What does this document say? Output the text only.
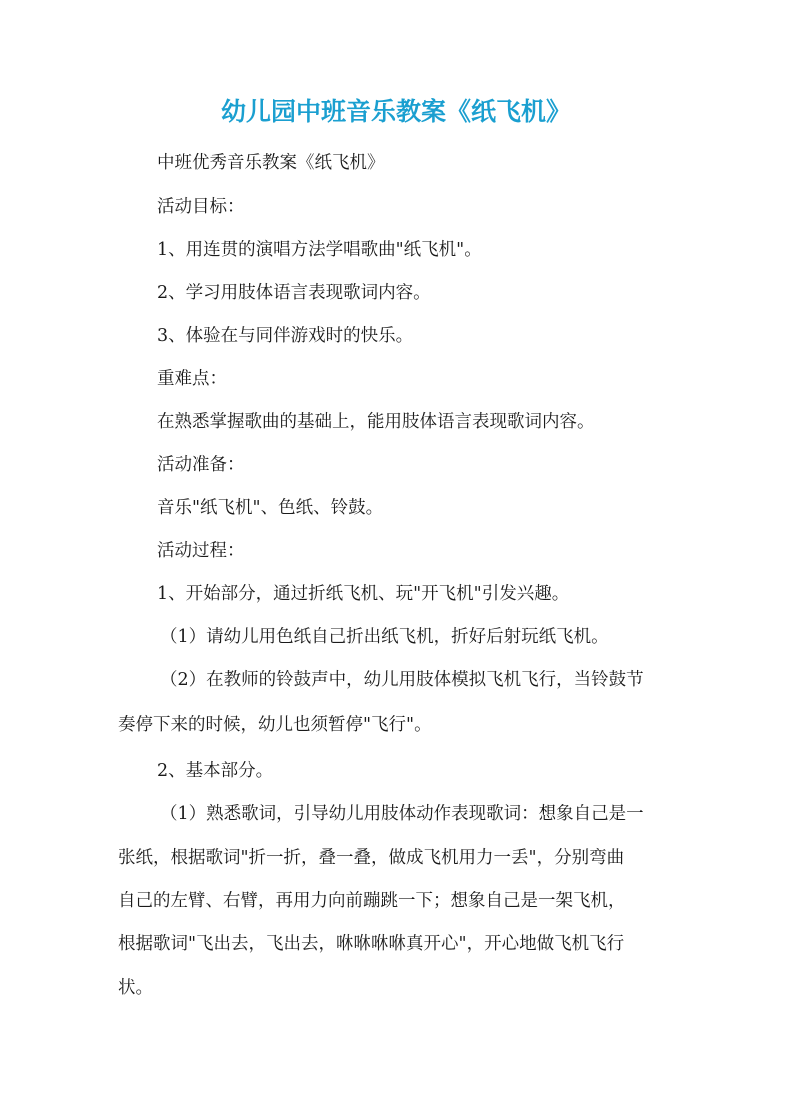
幼儿园中班音乐教案《纸飞机》
中班优秀音乐教案《纸飞机》
活动目标：
1、用连贯的演唱方法学唱歌曲"纸飞机"。
2、学习用肢体语言表现歌词内容。
3、体验在与同伴游戏时的快乐。
重难点：
在熟悉掌握歌曲的基础上，能用肢体语言表现歌词内容。
活动准备：
音乐"纸飞机"、色纸、铃鼓。
活动过程：
1、开始部分，通过折纸飞机、玩"开飞机"引发兴趣。
（1）请幼儿用色纸自己折出纸飞机，折好后射玩纸飞机。
（2）在教师的铃鼓声中，幼儿用肢体模拟飞机飞行，当铃鼓节
奏停下来的时候，幼儿也须暂停"飞行"。
2、基本部分。
（1）熟悉歌词，引导幼儿用肢体动作表现歌词：想象自己是一
张纸，根据歌词"折一折，叠一叠，做成飞机用力一丢"，分别弯曲
自己的左臂、右臂，再用力向前蹦跳一下；想象自己是一架飞机，
根据歌词"飞出去，飞出去，咻咻咻咻真开心"，开心地做飞机飞行
状。
